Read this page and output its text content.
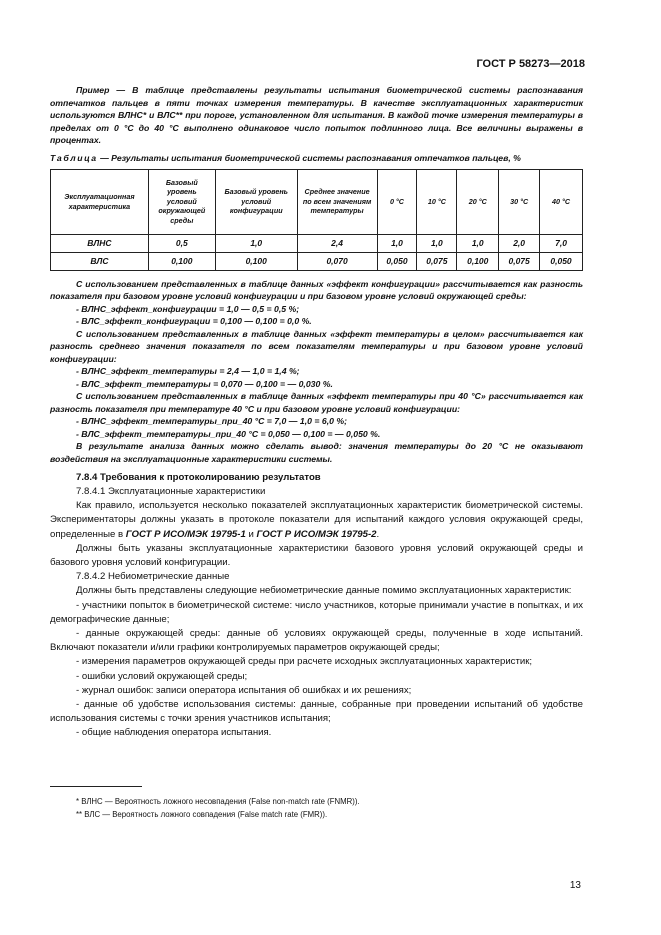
ГОСТ Р 58273—2018

Пример — В таблице представлены результаты испытания биометрической системы распознавания отпечатков пальцев в пяти точках измерения температуры. В качестве эксплуатационных характеристик используются ВЛНС* и ВЛС** при пороге, установленном для испытания. В каждой точке измерения температуры в пределах от 0 °С до 40 °С выполнено одинаковое число попыток подлинного лица. Все величины выражены в процентах.

Таблица — Результаты испытания биометрической системы распознавания отпечатков пальцев, %

Эксплуатационная характеристика	Базовый уровень условий окружающей среды	Базовый уровень условий конфигурации	Среднее значение по всем значениям температуры	0 °С	10 °С	20 °С	30 °С	40 °С
ВЛНС	0,5	1,0	2,4	1,0	1,0	1,0	2,0	7,0
ВЛС	0,100	0,100	0,070	0,050	0,075	0,100	0,075	0,050

С использованием представленных в таблице данных «эффект конфигурации» рассчитывается как разность показателя при базовом уровне условий конфигурации и при базовом уровне условий окружающей среды:

- ВЛНС_эффект_конфигурации = 1,0 — 0,5 = 0,5 %;

- ВЛС_эффект_конфигурации = 0,100 — 0,100 = 0,0 %.

С использованием представленных в таблице данных «эффект температуры в целом» рассчитывается как разность среднего значения показателя по всем показателям температуры и при базовом уровне условий конфигурации:

- ВЛНС_эффект_температуры = 2,4 — 1,0 = 1,4 %;

- ВЛС_эффект_температуры = 0,070 — 0,100 = — 0,030 %.

С использованием представленных в таблице данных «эффект температуры при 40 °С» рассчитывается как разность показателя при температуре 40 °С и при базовом уровне условий конфигурации:

- ВЛНС_эффект_температуры_при_40 °С = 7,0 — 1,0 = 6,0 %;

- ВЛС_эффект_температуры_при_40 °С = 0,050 — 0,100 = — 0,050 %.

В результате анализа данных можно сделать вывод: значения температуры до 20 °С не оказывают воздействия на эксплуатационные характеристики системы.

7.8.4 Требования к протоколированию результатов

7.8.4.1 Эксплуатационные характеристики

Как правило, используется несколько показателей эксплуатационных характеристик биометрической системы. Экспериментаторы должны указать в протоколе показатели для испытаний каждого условия окружающей среды, определенные в ГОСТ Р ИСО/МЭК 19795-1 и ГОСТ Р ИСО/МЭК 19795-2.

Должны быть указаны эксплуатационные характеристики базового уровня условий окружающей среды и базового уровня условий конфигурации.

7.8.4.2 Небиометрические данные

Должны быть представлены следующие небиометрические данные помимо эксплуатационных характеристик:

- участники попыток в биометрической системе: число участников, которые принимали участие в попытках, и их демографические данные;

- данные окружающей среды: данные об условиях окружающей среды, полученные в ходе испытаний. Включают показатели и/или графики контролируемых параметров окружающей среды;

- измерения параметров окружающей среды при расчете исходных эксплуатационных характеристик;

- ошибки условий окружающей среды;

- журнал ошибок: записи оператора испытания об ошибках и их решениях;

- данные об удобстве использования системы: данные, собранные при проведении испытаний об удобстве использования системы с точки зрения участников испытания;

- общие наблюдения оператора испытания.

* ВЛНС — Вероятность ложного несовпадения (False non-match rate (FNMR)).

** ВЛС — Вероятность ложного совпадения (False match rate (FMR)).

13
